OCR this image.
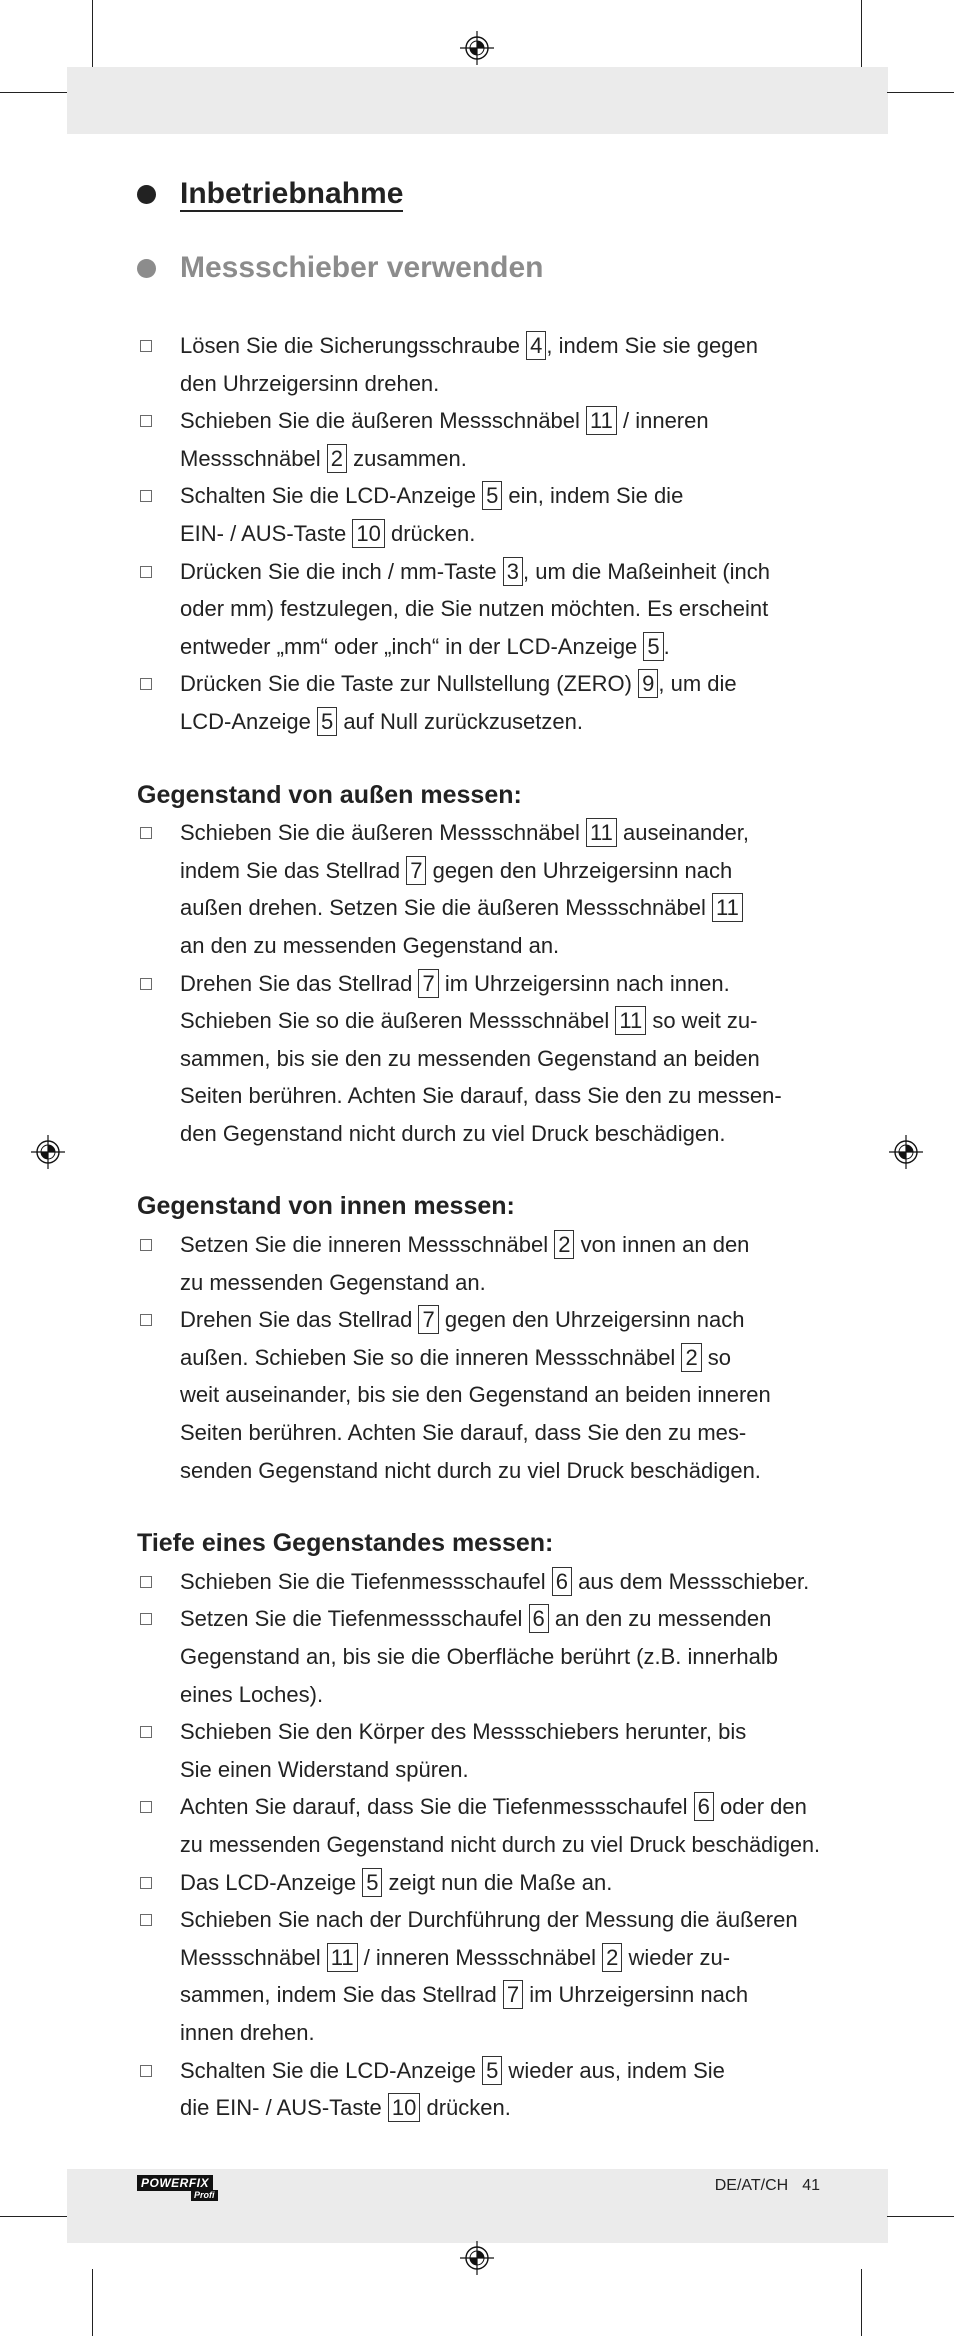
Inbetriebnahme
Messschieber verwenden
Lösen Sie die Sicherungsschraube 4 , indem Sie sie gegen
den Uhrzeigersinn drehen.
Schieben Sie die äußeren Messschnäbel 11 / inneren
Messschnäbel 2 zusammen.
Schalten Sie die LCD-Anzeige 5 ein, indem Sie die
EIN- / AUS-Taste 10 drücken.
Drücken Sie die inch / mm-Taste 3 , um die Maßeinheit (inch
oder mm) festzulegen, die Sie nutzen möchten. Es erscheint
entweder „mm“ oder „inch“ in der LCD-Anzeige 5 .
Drücken Sie die Taste zur Nullstellung (ZERO) 9 , um die
LCD-Anzeige 5 auf Null zurückzusetzen.
Gegenstand von außen messen:
Schieben Sie die äußeren Messschnäbel 11 auseinander,
indem Sie das Stellrad 7 gegen den Uhrzeigersinn nach
außen drehen. Setzen Sie die äußeren Messschnäbel 11
an den zu messenden Gegenstand an.
Drehen Sie das Stellrad 7 im Uhrzeigersinn nach innen.
Schieben Sie so die äußeren Messschnäbel 11 so weit zu-
sammen, bis sie den zu messenden Gegenstand an beiden
Seiten berühren. Achten Sie darauf, dass Sie den zu messen-
den Gegenstand nicht durch zu viel Druck beschädigen.
Gegenstand von innen messen:
Setzen Sie die inneren Messschnäbel 2 von innen an den
zu messenden Gegenstand an.
Drehen Sie das Stellrad 7 gegen den Uhrzeigersinn nach
außen. Schieben Sie so die inneren Messschnäbel 2 so
weit auseinander, bis sie den Gegenstand an beiden inneren
Seiten berühren. Achten Sie darauf, dass Sie den zu mes-
senden Gegenstand nicht durch zu viel Druck beschädigen.
Tiefe eines Gegenstandes messen:
Schieben Sie die Tiefenmessschaufel 6 aus dem Messschieber.
Setzen Sie die Tiefenmessschaufel 6 an den zu messenden
Gegenstand an, bis sie die Oberfläche berührt (z.B. innerhalb
eines Loches).
Schieben Sie den Körper des Messschiebers herunter, bis
Sie einen Widerstand spüren.
Achten Sie darauf, dass Sie die Tiefenmessschaufel 6 oder den
zu messenden Gegenstand nicht durch zu viel Druck beschädigen.
Das LCD-Anzeige 5 zeigt nun die Maße an.
Schieben Sie nach der Durchführung der Messung die äußeren
Messschnäbel 11 / inneren Messschnäbel 2 wieder zu-
sammen, indem Sie das Stellrad 7 im Uhrzeigersinn nach
innen drehen.
Schalten Sie die LCD-Anzeige 5 wieder aus, indem Sie
die EIN- / AUS-Taste 10 drücken.
POWERFIX
Profi
DE/AT/CH 41
